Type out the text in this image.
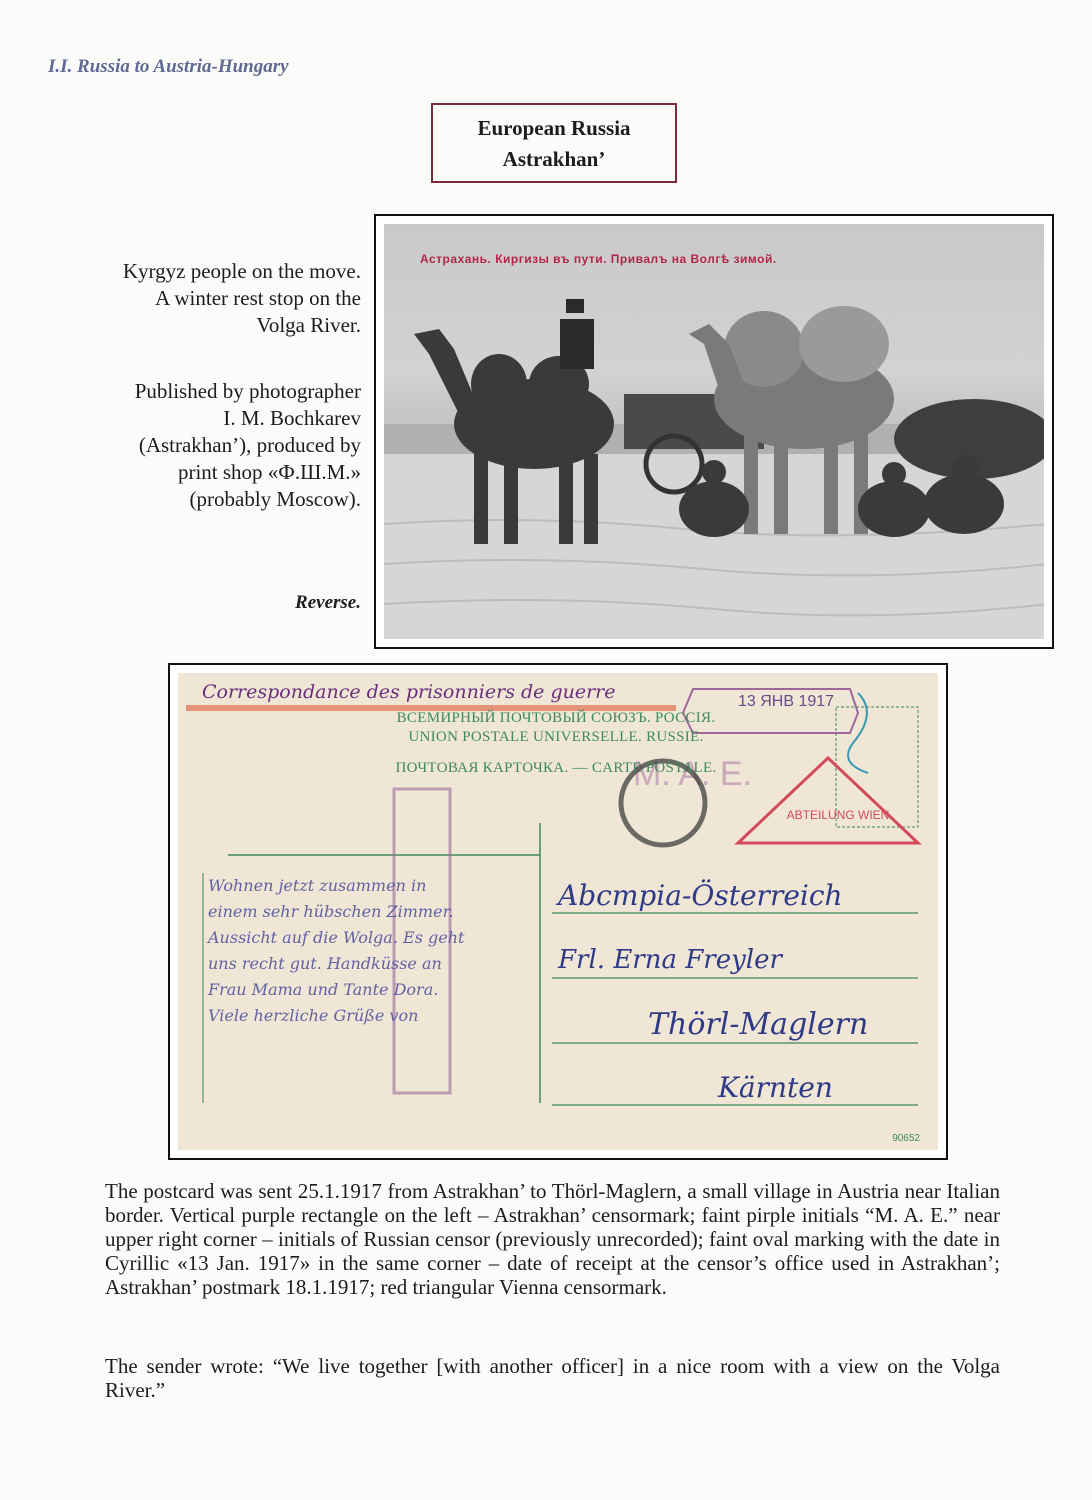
I.I. Russia to Austria-Hungary
European Russia
Astrakhan’
Kyrgyz people on the move.
A winter rest stop on the
Volga River.
Published by photographer
I. M. Bochkarev
(Astrakhan’), produced by
print shop «Ф.Ш.М.»
(probably Moscow).
Reverse.
Астрахань. Киргизы въ пути. Привалъ на Волгѣ зимой.
M. A. E.
Correspondance des prisonniers de guerre
ВСЕМИРНЫЙ ПОЧТОВЫЙ СОЮЗЪ. РОССІЯ.
UNION POSTALE UNIVERSELLE. RUSSIE.
ПОЧТОВАЯ КАРТОЧКА. — CARTE POSTALE.
13 ЯНВ 1917
ABTEILUNG WIEN
Abcmpia-Österreich
Frl. Erna Freyler
Thörl-Maglern
Kärnten
Wohnen jetzt zusammen in
einem sehr hübschen Zimmer.
Aussicht auf die Wolga. Es geht
uns recht gut. Handküsse an
Frau Mama und Tante Dora.
Viele herzliche Grüße von
90652
The postcard was sent 25.1.1917 from Astrakhan’ to Thörl-Maglern, a small village in Austria near Italian border. Vertical purple rectangle on the left – Astrakhan’ censormark; faint pirple initials “M. A. E.” near upper right corner – initials of Russian censor (previously unrecorded); faint oval marking with the date in Cyrillic «13 Jan. 1917» in the same corner – date of receipt at the censor’s office used in Astrakhan’; Astrakhan’ postmark 18.1.1917; red triangular Vienna censormark.
The sender wrote: “We live together [with another officer] in a nice room with a view on the Volga River.”
